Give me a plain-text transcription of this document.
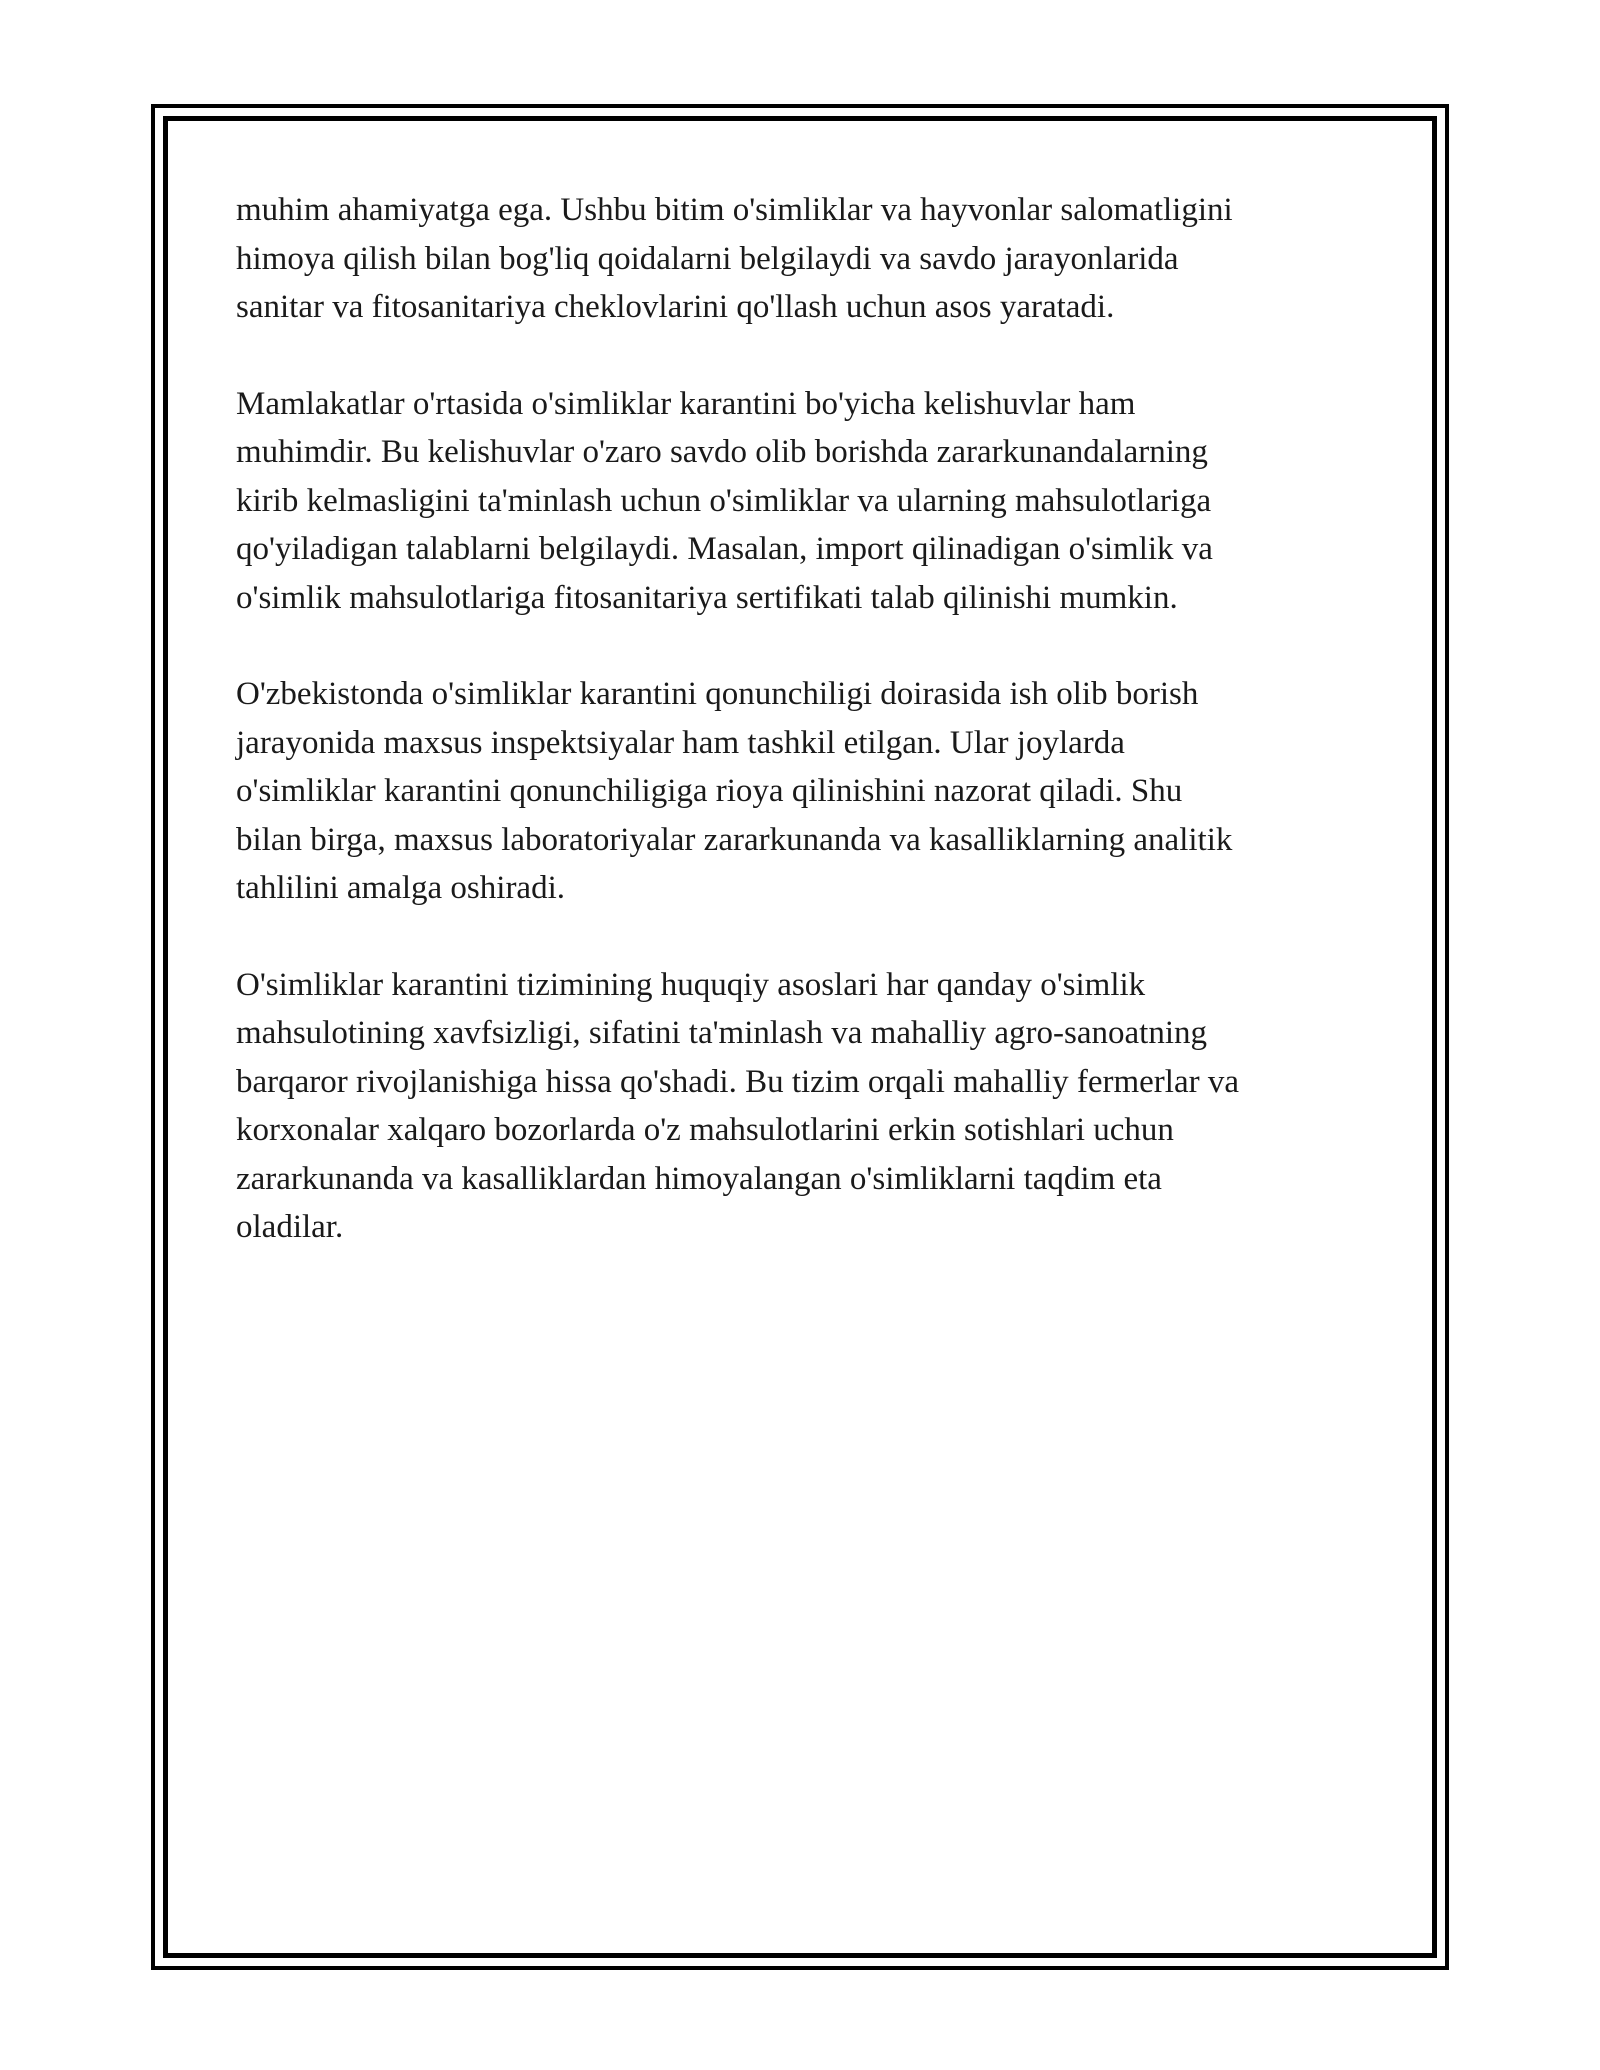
muhim ahamiyatga ega. Ushbu bitim o'simliklar va hayvonlar salomatligini
himoya qilish bilan bog'liq qoidalarni belgilaydi va savdo jarayonlarida
sanitar va fitosanitariya cheklovlarini qo'llash uchun asos yaratadi.

Mamlakatlar o'rtasida o'simliklar karantini bo'yicha kelishuvlar ham
muhimdir. Bu kelishuvlar o'zaro savdo olib borishda zararkunandalarning
kirib kelmasligini ta'minlash uchun o'simliklar va ularning mahsulotlariga
qo'yiladigan talablarni belgilaydi. Masalan, import qilinadigan o'simlik va
o'simlik mahsulotlariga fitosanitariya sertifikati talab qilinishi mumkin.

O'zbekistonda o'simliklar karantini qonunchiligi doirasida ish olib borish
jarayonida maxsus inspektsiyalar ham tashkil etilgan. Ular joylarda
o'simliklar karantini qonunchiligiga rioya qilinishini nazorat qiladi. Shu
bilan birga, maxsus laboratoriyalar zararkunanda va kasalliklarning analitik
tahlilini amalga oshiradi.

O'simliklar karantini tizimining huquqiy asoslari har qanday o'simlik
mahsulotining xavfsizligi, sifatini ta'minlash va mahalliy agro-sanoatning
barqaror rivojlanishiga hissa qo'shadi. Bu tizim orqali mahalliy fermerlar va
korxonalar xalqaro bozorlarda o'z mahsulotlarini erkin sotishlari uchun
zararkunanda va kasalliklardan himoyalangan o'simliklarni taqdim eta
oladilar.
